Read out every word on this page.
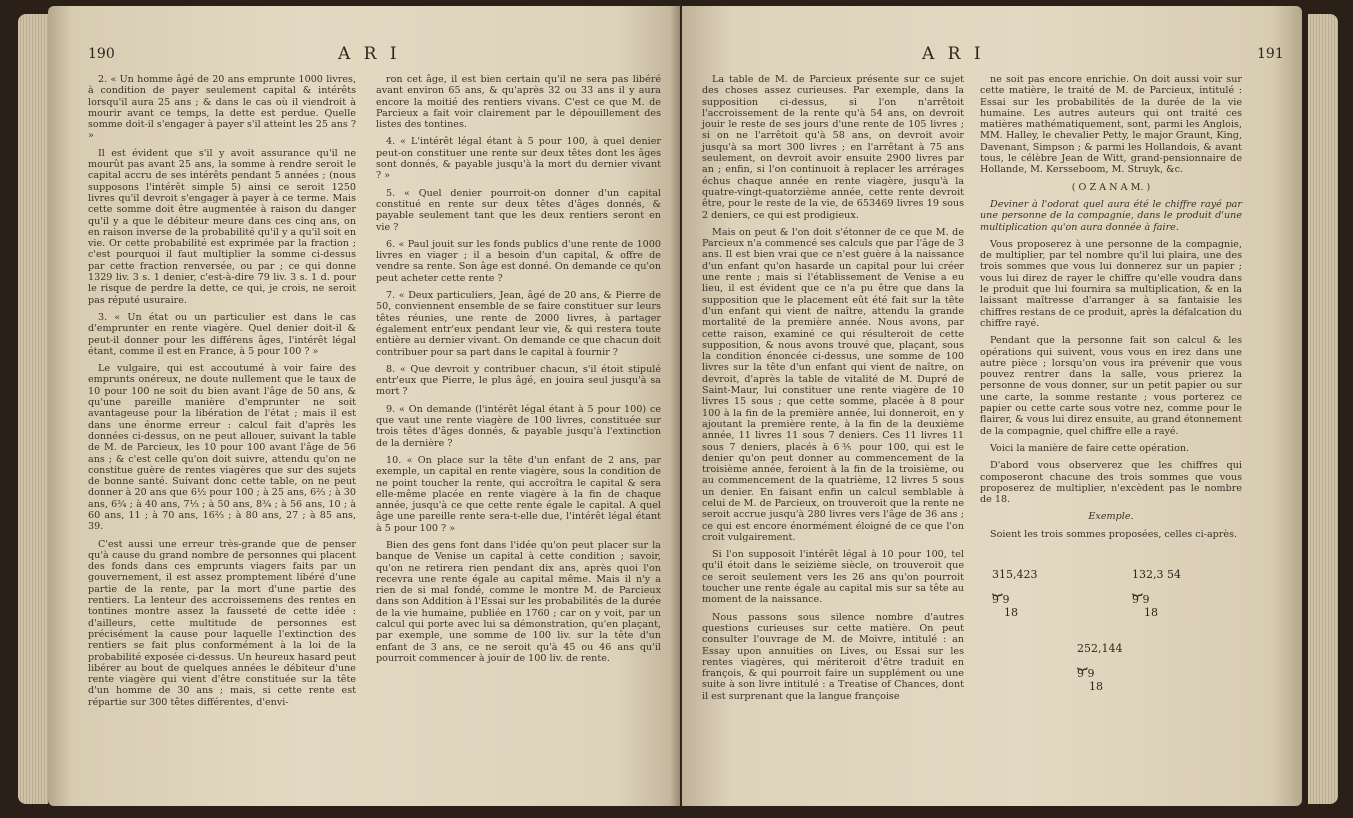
190	A R I

2. « Un homme âgé de 20 ans emprunte 1000 livres, à condition de payer seulement capital & intérêts lorsqu'il aura 25 ans ; & dans le cas où il viendroit à mourir avant ce temps, la dette est perdue. Quelle somme doit-il s'engager à payer s'il atteint les 25 ans ? »

Il est évident que s'il y avoit assurance qu'il ne mourût pas avant 25 ans, la somme à rendre seroit le capital accru de ses intérêts pendant 5 années ; (nous supposons l'intérêt simple 5) ainsi ce seroit 1250 livres qu'il devroit s'engager à payer à ce terme. Mais cette somme doit être augmentée à raison du danger qu'il y a que le débiteur meure dans ces cinq ans, on en raison inverse de la probabilité qu'il y a qu'il soit en vie. Or cette probabilité est exprimée par la fraction ; c'est pourquoi il faut multiplier la somme ci-dessus par cette fraction renversée, ou par ; ce qui donne 1329 liv. 3 s. 1 denier, c'est-à-dire 79 liv. 3 s. 1 d. pour le risque de perdre la dette, ce qui, je crois, ne seroit pas réputé usuraire.

3. « Un état ou un particulier est dans le cas d'emprunter en rente viagère. Quel denier doit-il & peut-il donner pour les différens âges, l'intérêt légal étant, comme il est en France, à 5 pour 100 ? »

Le vulgaire, qui est accoutumé à voir faire des emprunts onéreux, ne doute nullement que le taux de 10 pour 100 ne soit du bien avant l'âge de 50 ans, & qu'une pareille manière d'emprunter ne soit avantageuse pour la libération de l'état ; mais il est dans une énorme erreur : calcul fait d'après les données ci-dessus, on ne peut allouer, suivant la table de M. de Parcieux, les 10 pour 100 avant l'âge de 56 ans ; & c'est celle qu'on doit suivre, attendu qu'on ne constitue guère de rentes viagères que sur des sujets de bonne santé. Suivant donc cette table, on ne peut donner à 20 ans que 6½ pour 100 ; à 25 ans, 6⅔ ; à 30 ans, 6¾ ; à 40 ans, 7⅓ ; à 50 ans, 8¾ ; à 56 ans, 10 ; à 60 ans, 11 ; à 70 ans, 16⅔ ; à 80 ans, 27 ; à 85 ans, 39.

C'est aussi une erreur très-grande que de penser qu'à cause du grand nombre de personnes qui placent des fonds dans ces emprunts viagers faits par un gouvernement, il est assez promptement libéré d'une partie de la rente, par la mort d'une partie des rentiers. La lenteur des accroissemens des rentes en tontines montre assez la fausseté de cette idée : d'ailleurs, cette multitude de personnes est précisément la cause pour laquelle l'extinction des rentiers se fait plus conformément à la loi de la probabilité exposée ci-dessus. Un heureux hasard peut libérer au bout de quelques années le débiteur d'une rente viagère qui vient d'être constituée sur la tête d'un homme de 30 ans ; mais, si cette rente est répartie sur 300 têtes différentes, d'envi-

ron cet âge, il est bien certain qu'il ne sera pas libéré avant environ 65 ans, & qu'après 32 ou 33 ans il y aura encore la moitié des rentiers vivans. C'est ce que M. de Parcieux a fait voir clairement par le dépouillement des listes des tontines.

4. « L'intérêt légal étant à 5 pour 100, à quel denier peut-on constituer une rente sur deux têtes dont les âges sont donnés, & payable jusqu'à la mort du dernier vivant ? »

5. « Quel denier pourroit-on donner d'un capital constitué en rente sur deux têtes d'âges donnés, & payable seulement tant que les deux rentiers seront en vie ?

6. « Paul jouit sur les fonds publics d'une rente de 1000 livres en viager ; il a besoin d'un capital, & offre de vendre sa rente. Son âge est donné. On demande ce qu'on peut acheter cette rente ?

7. « Deux particuliers, Jean, âgé de 20 ans, & Pierre de 50, conviennent ensemble de se faire constituer sur leurs têtes réunies, une rente de 2000 livres, à partager également entr'eux pendant leur vie, & qui restera toute entière au dernier vivant. On demande ce que chacun doit contribuer pour sa part dans le capital à fournir ?

8. « Que devroit y contribuer chacun, s'il étoit stipulé entr'eux que Pierre, le plus âgé, en jouira seul jusqu'à sa mort ?

9. « On demande (l'intérêt légal étant à 5 pour 100) ce que vaut une rente viagère de 100 livres, constituée sur trois têtes d'âges donnés, & payable jusqu'à l'extinction de la dernière ?

10. « On place sur la tête d'un enfant de 2 ans, par exemple, un capital en rente viagère, sous la condition de ne point toucher la rente, qui accroîtra le capital & sera elle-même placée en rente viagère à la fin de chaque année, jusqu'à ce que cette rente égale le capital. A quel âge une pareille rente sera-t-elle due, l'intérêt légal étant à 5 pour 100 ? »

Bien des gens font dans l'idée qu'on peut placer sur la banque de Venise un capital à cette condition ; savoir, qu'on ne retirera rien pendant dix ans, après quoi l'on recevra une rente égale au capital même. Mais il n'y a rien de si mal fondé, comme le montre M. de Parcieux dans son Addition à l'Essai sur les probabilités de la durée de la vie humaine, publiée en 1760 ; car on y voit, par un calcul qui porte avec lui sa démonstration, qu'en plaçant, par exemple, une somme de 100 liv. sur la tête d'un enfant de 3 ans, ce ne seroit qu'à 45 ou 46 ans qu'il pourroit commencer à jouir de 100 liv. de rente.

A R I	191

La table de M. de Parcieux présente sur ce sujet des choses assez curieuses. Par exemple, dans la supposition ci-dessus, si l'on n'arrêtoit l'accroissement de la rente qu'à 54 ans, on devroit jouir le reste de ses jours d'une rente de 105 livres ; si on ne l'arrêtoit qu'à 58 ans, on devroit avoir jusqu'à sa mort 300 livres ; en l'arrêtant à 75 ans seulement, on devroit avoir ensuite 2900 livres par an ; enfin, si l'on continuoit à replacer les arrérages échus chaque année en rente viagère, jusqu'à la quatre-vingt-quatorzième année, cette rente devroit être, pour le reste de la vie, de 653469 livres 19 sous 2 deniers, ce qui est prodigieux.

Mais on peut & l'on doit s'étonner de ce que M. de Parcieux n'a commencé ses calculs que par l'âge de 3 ans. Il est bien vrai que ce n'est guère à la naissance d'un enfant qu'on hasarde un capital pour lui créer une rente ; mais si l'établissement de Venise a eu lieu, il est évident que ce n'a pu être que dans la supposition que le placement eût été fait sur la tête d'un enfant qui vient de naître, attendu la grande mortalité de la première année. Nous avons, par cette raison, examiné ce qui résulteroit de cette supposition, & nous avons trouvé que, plaçant, sous la condition énoncée ci-dessus, une somme de 100 livres sur la tête d'un enfant qui vient de naître, on devroit, d'après la table de vitalité de M. Dupré de Saint-Maur, lui constituer une rente viagère de 10 livres 15 sous ; que cette somme, placée à 8 pour 100 à la fin de la première année, lui donneroit, en y ajoutant la première rente, à la fin de la deuxième année, 11 livres 11 sous 7 deniers. Ces 11 livres 11 sous 7 deniers, placés à 6⅗ pour 100, qui est le denier qu'on peut donner au commencement de la troisième année, feroient à la fin de la troisième, ou au commencement de la quatrième, 12 livres 5 sous un denier. En faisant enfin un calcul semblable à celui de M. de Parcieux, on trouveroit que la rente ne seroit accrue jusqu'à 280 livres vers l'âge de 36 ans ; ce qui est encore énormément éloigné de ce que l'on croit vulgairement.

Si l'on supposoit l'intérêt légal à 10 pour 100, tel qu'il étoit dans le seizième siècle, on trouveroit que ce seroit seulement vers les 26 ans qu'on pourroit toucher une rente égale au capital mis sur sa tête au moment de la naissance.

Nous passons sous silence nombre d'autres questions curieuses sur cette matière. On peut consulter l'ouvrage de M. de Moivre, intitulé : an Essay upon annuities on Lives, ou Essai sur les rentes viagères, qui mériteroit d'être traduit en françois, & qui pourroit faire un supplément ou une suite à son livre intitulé : a Treatise of Chances, dont il est surprenant que la langue françoise

ne soit pas encore enrichie. On doit aussi voir sur cette matière, le traité de M. de Parcieux, intitulé : Essai sur les probabilités de la durée de la vie humaine. Les autres auteurs qui ont traité ces matières mathématiquement, sont, parmi les Anglois, MM. Halley, le chevalier Petty, le major Graunt, King, Davenant, Simpson ; & parmi les Hollandois, & avant tous, le célèbre Jean de Witt, grand-pensionnaire de Hollande, M. Kersseboom, M. Struyk, &c.

( O Z A N A M. )

Deviner à l'odorat quel aura été le chiffre rayé par une personne de la compagnie, dans le produit d'une multiplication qu'on aura donnée à faire.

Vous proposerez à une personne de la compagnie, de multiplier, par tel nombre qu'il lui plaira, une des trois sommes que vous lui donnerez sur un papier ; vous lui direz de rayer le chiffre qu'elle voudra dans le produit que lui fournira sa multiplication, & en la laissant maîtresse d'arranger à sa fantaisie les chiffres restans de ce produit, après la défalcation du chiffre rayé.

Pendant que la personne fait son calcul & les opérations qui suivent, vous vous en irez dans une autre pièce ; lorsqu'on vous ira prévenir que vous pouvez rentrer dans la salle, vous prierez la personne de vous donner, sur un petit papier ou sur une carte, la somme restante ; vous porterez ce papier ou cette carte sous votre nez, comme pour le flairer, & vous lui direz ensuite, au grand étonnement de la compagnie, quel chiffre elle a rayé.

Voici la manière de faire cette opération.

D'abord vous observerez que les chiffres qui composeront chacune des trois sommes que vous proposerez de multiplier, n'excèdent pas le nombre de 18.

Exemple.

Soient les trois sommes proposées, celles ci-après.

315,423
⏟
9 9
18
132,3 54
⏟
9 9
18
252,144
⏟
9 9
18
